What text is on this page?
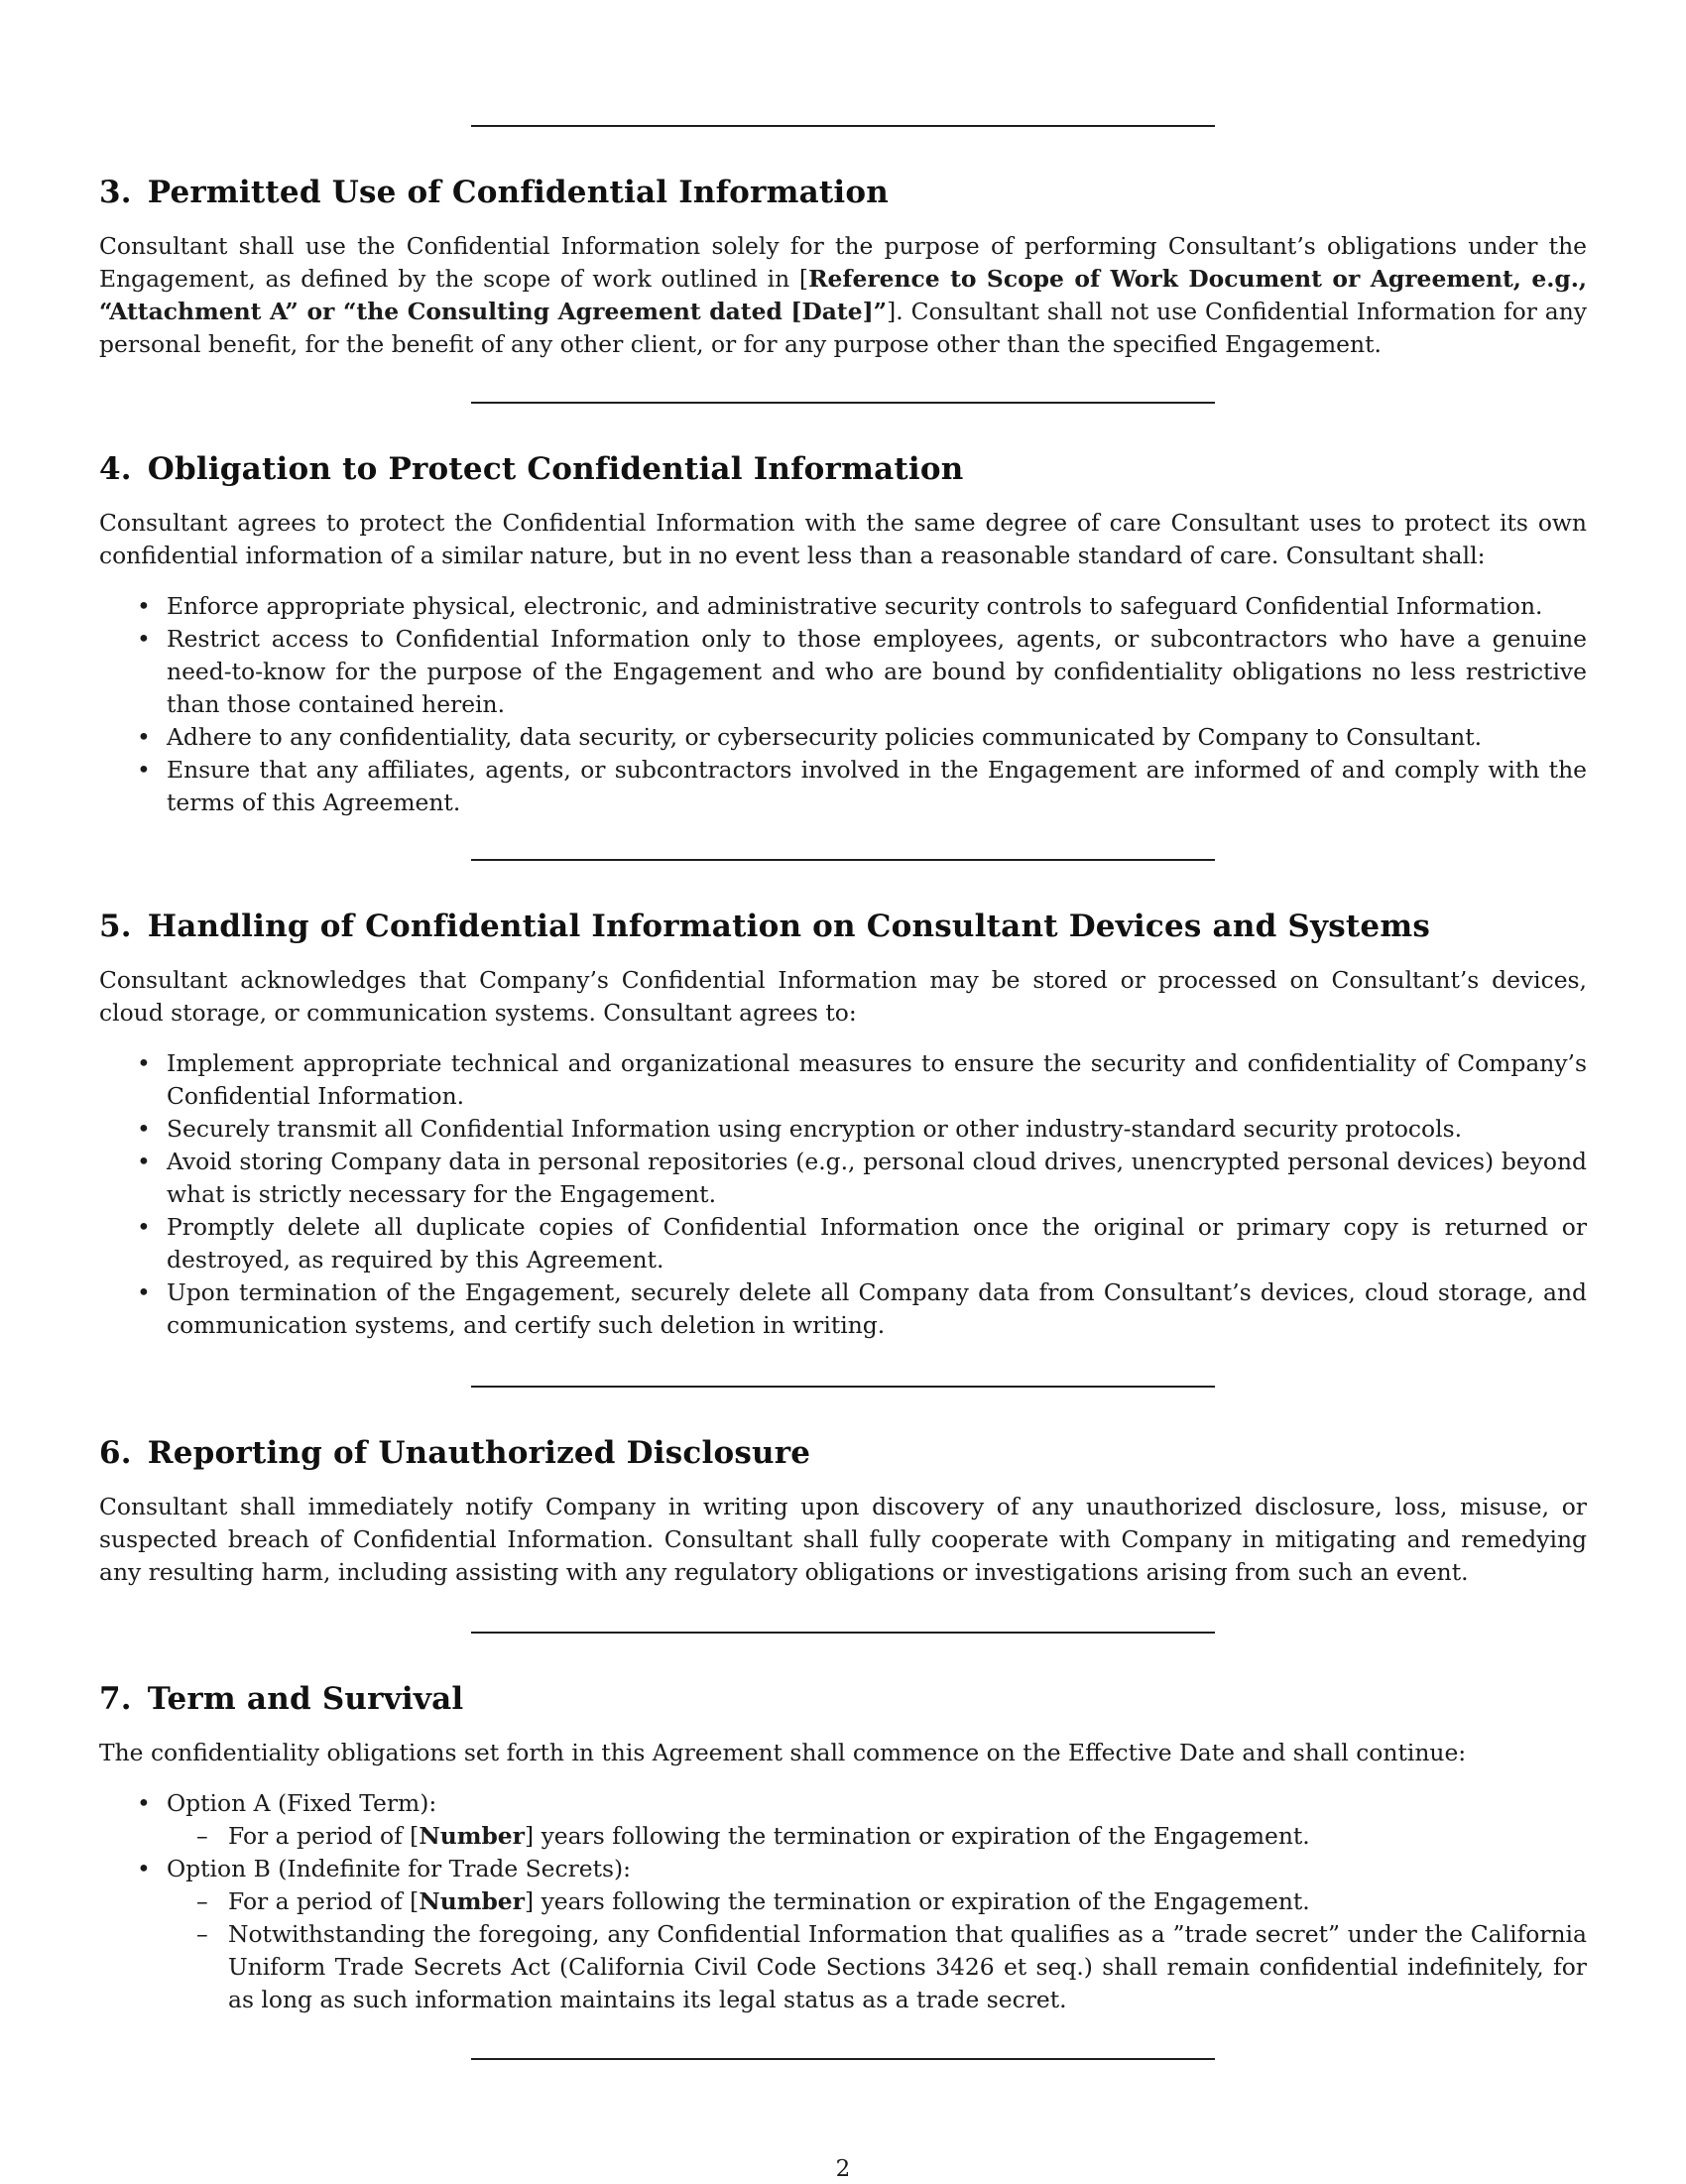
3. Permitted Use of Confidential Information

Consultant shall use the Confidential Information solely for the purpose of performing Consultant’s obligations under the Engagement, as defined by the scope of work outlined in [Reference to Scope of Work Document or Agreement, e.g., “Attachment A” or “the Consulting Agreement dated [Date]”]. Consultant shall not use Confidential Information for any personal benefit, for the benefit of any other client, or for any purpose other than the specified Engagement.

4. Obligation to Protect Confidential Information

Consultant agrees to protect the Confidential Information with the same degree of care Consultant uses to protect its own confidential information of a similar nature, but in no event less than a reasonable standard of care. Consultant shall:

• Enforce appropriate physical, electronic, and administrative security controls to safeguard Confidential Information.
• Restrict access to Confidential Information only to those employees, agents, or subcontractors who have a genuine need-to-know for the purpose of the Engagement and who are bound by confidentiality obligations no less restrictive than those contained herein.
• Adhere to any confidentiality, data security, or cybersecurity policies communicated by Company to Consultant.
• Ensure that any affiliates, agents, or subcontractors involved in the Engagement are informed of and comply with the terms of this Agreement.
5. Handling of Confidential Information on Consultant Devices and Systems

Consultant acknowledges that Company’s Confidential Information may be stored or processed on Consultant’s devices, cloud storage, or communication systems. Consultant agrees to:

• Implement appropriate technical and organizational measures to ensure the security and confidentiality of Company’s Confidential Information.
• Securely transmit all Confidential Information using encryption or other industry-standard security protocols.
• Avoid storing Company data in personal repositories (e.g., personal cloud drives, unencrypted personal devices) beyond what is strictly necessary for the Engagement.
• Promptly delete all duplicate copies of Confidential Information once the original or primary copy is returned or destroyed, as required by this Agreement.
• Upon termination of the Engagement, securely delete all Company data from Consultant’s devices, cloud storage, and communication systems, and certify such deletion in writing.
6. Reporting of Unauthorized Disclosure

Consultant shall immediately notify Company in writing upon discovery of any unauthorized disclosure, loss, misuse, or suspected breach of Confidential Information. Consultant shall fully cooperate with Company in mitigating and remedying any resulting harm, including assisting with any regulatory obligations or investigations arising from such an event.

7. Term and Survival

The confidentiality obligations set forth in this Agreement shall commence on the Effective Date and shall continue:

• Option A (Fixed Term):
– For a period of [Number] years following the termination or expiration of the Engagement.
• Option B (Indefinite for Trade Secrets):
– For a period of [Number] years following the termination or expiration of the Engagement.
– Notwithstanding the foregoing, any Confidential Information that qualifies as a ”trade secret” under the California Uniform Trade Secrets Act (California Civil Code Sections 3426 et seq.) shall remain confidential indefinitely, for as long as such information maintains its legal status as a trade secret.
2
